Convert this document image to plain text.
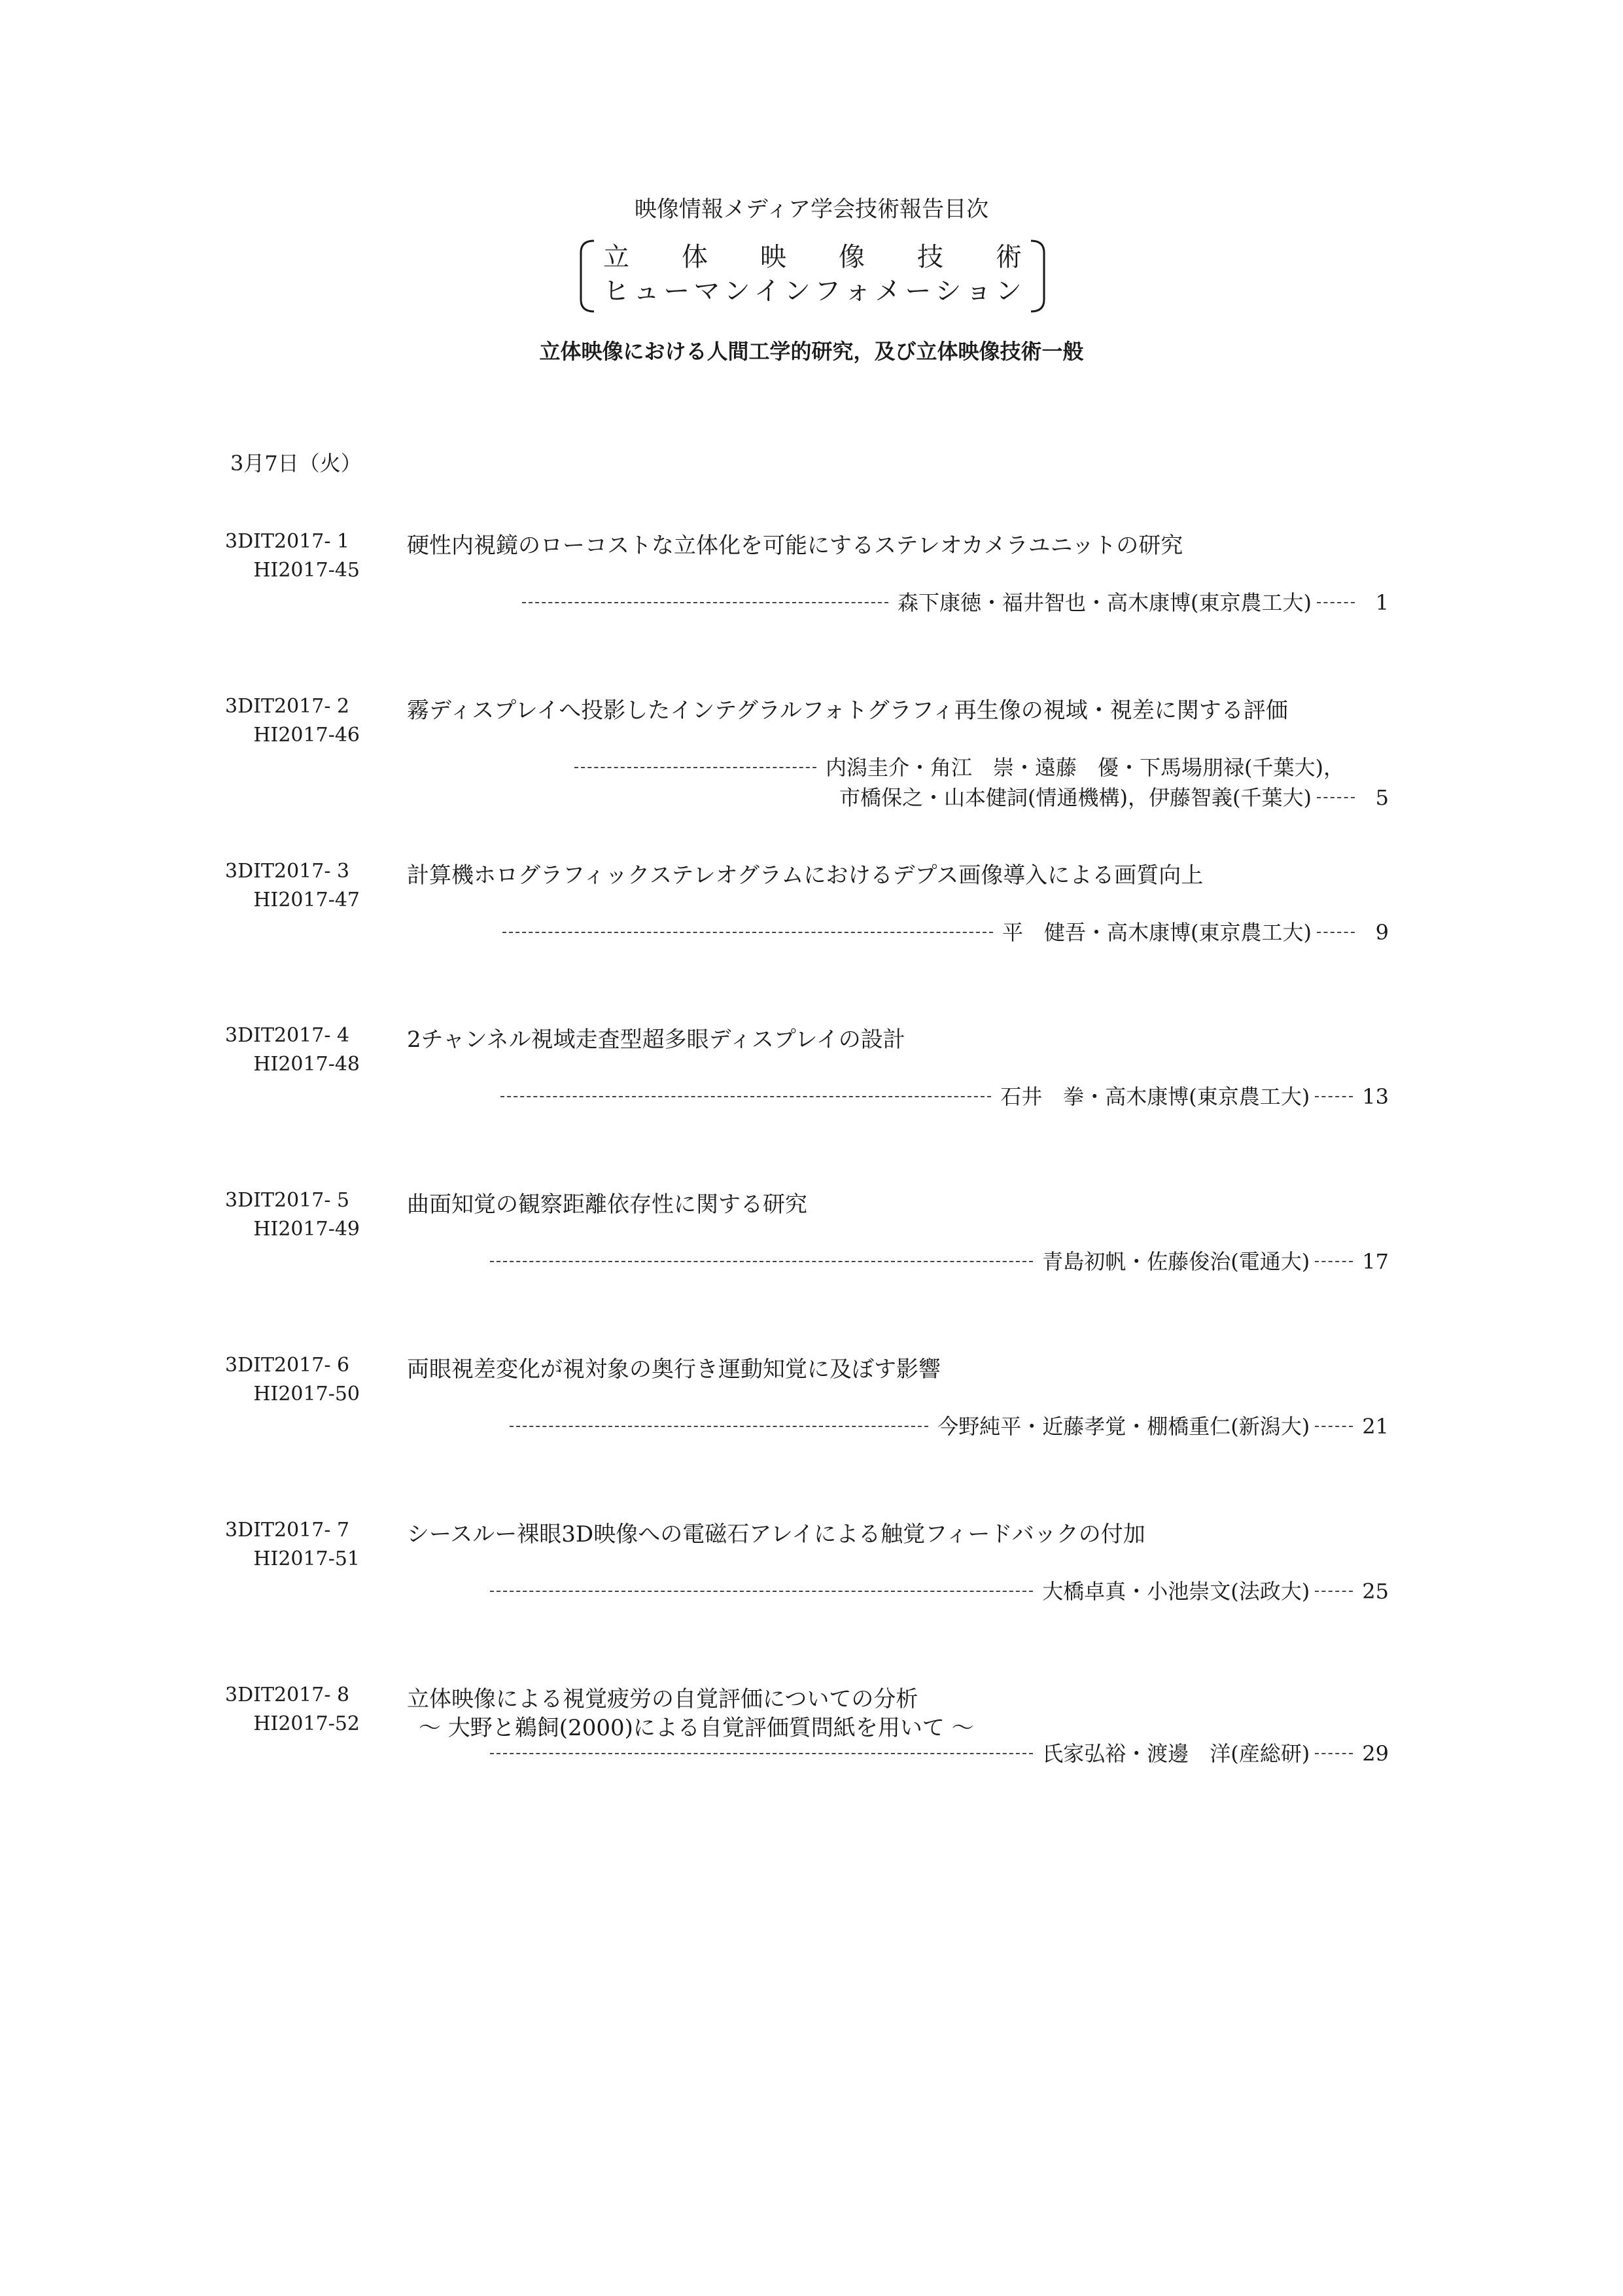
映像情報メディア学会技術報告目次
立 体 映 像 技 術
ヒ ュ ー マ ン イ ン フ ォ メ ー シ ョ ン
立体映像における人間工学的研究，及び立体映像技術一般
3月7日（火）
3DIT2017- 1
HI2017-45
硬性内視鏡のローコストな立体化を可能にするステレオカメラユニットの研究
森下康徳・福井智也・高木康博(東京農工大)	1
3DIT2017- 2
HI2017-46
霧ディスプレイへ投影したインテグラルフォトグラフィ再生像の視域・視差に関する評価
内潟圭介・角江　崇・遠藤　優・下馬場朋禄(千葉大)，
市橋保之・山本健詞(情通機構)，伊藤智義(千葉大)	5
3DIT2017- 3
HI2017-47
計算機ホログラフィックステレオグラムにおけるデプス画像導入による画質向上
平　健吾・高木康博(東京農工大)	9
3DIT2017- 4
HI2017-48
2チャンネル視域走査型超多眼ディスプレイの設計
石井　拳・高木康博(東京農工大)	13
3DIT2017- 5
HI2017-49
曲面知覚の観察距離依存性に関する研究
青島初帆・佐藤俊治(電通大)	17
3DIT2017- 6
HI2017-50
両眼視差変化が視対象の奥行き運動知覚に及ぼす影響
今野純平・近藤孝覚・棚橋重仁(新潟大)	21
3DIT2017- 7
HI2017-51
シースルー裸眼3D映像への電磁石アレイによる触覚フィードバックの付加
大橋卓真・小池崇文(法政大)	25
3DIT2017- 8
HI2017-52
立体映像による視覚疲労の自覚評価についての分析
～ 大野と鵜飼(2000)による自覚評価質問紙を用いて ～
氏家弘裕・渡邊　洋(産総研)	29
